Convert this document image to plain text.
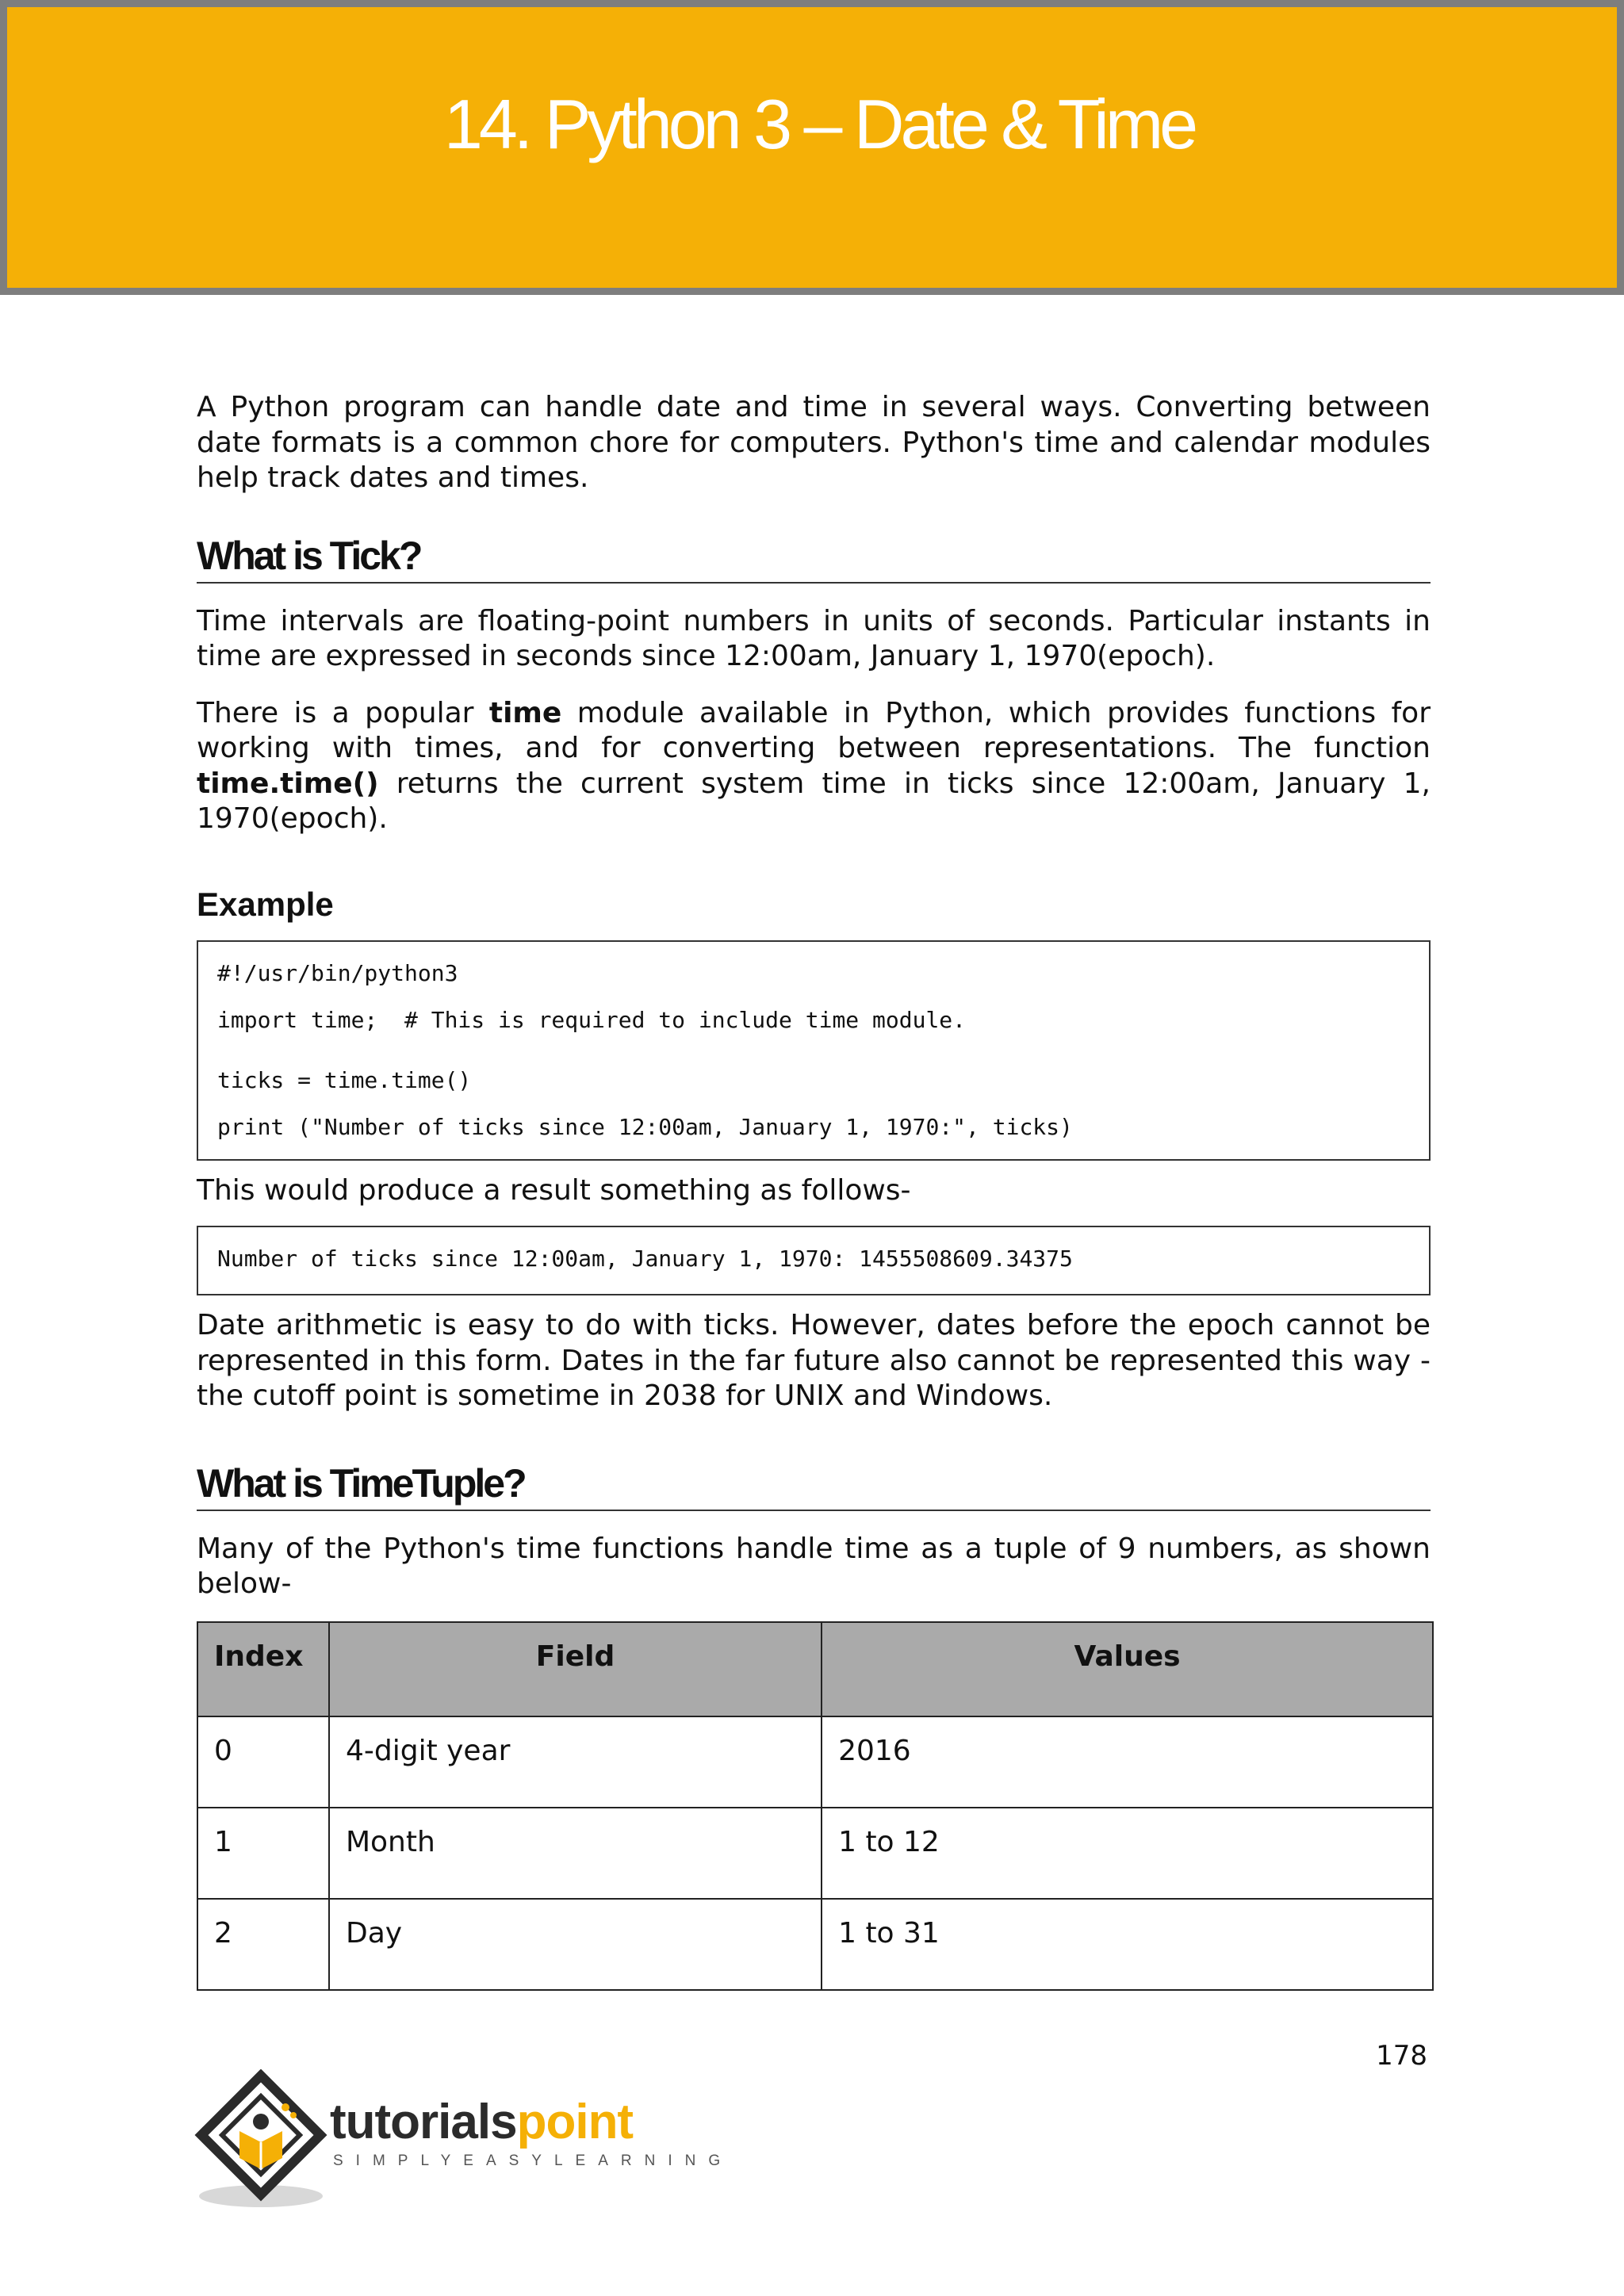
14. Python 3 – Date & Time

A Python program can handle date and time in several ways. Converting between date formats is a common chore for computers. Python's time and calendar modules help track dates and times.

What is Tick?

Time intervals are floating-point numbers in units of seconds. Particular instants in time are expressed in seconds since 12:00am, January 1, 1970(epoch).

There is a popular time module available in Python, which provides functions for working with times, and for converting between representations. The function time.time() returns the current system time in ticks since 12:00am, January 1, 1970(epoch).

Example
#!/usr/bin/python3
import time;  # This is required to include time module.
ticks = time.time()
print ("Number of ticks since 12:00am, January 1, 1970:", ticks)

This would produce a result something as follows-

Number of ticks since 12:00am, January 1, 1970: 1455508609.34375

Date arithmetic is easy to do with ticks. However, dates before the epoch cannot be represented in this form. Dates in the far future also cannot be represented this way - the cutoff point is sometime in 2038 for UNIX and Windows.

What is TimeTuple?

Many of the Python's time functions handle time as a tuple of 9 numbers, as shown below-

Index	Field	Values
0	4-digit year	2016
1	Month	1 to 12
2	Day	1 to 31
178
tutorialspoint
SIMPLYEASYLEARNING
